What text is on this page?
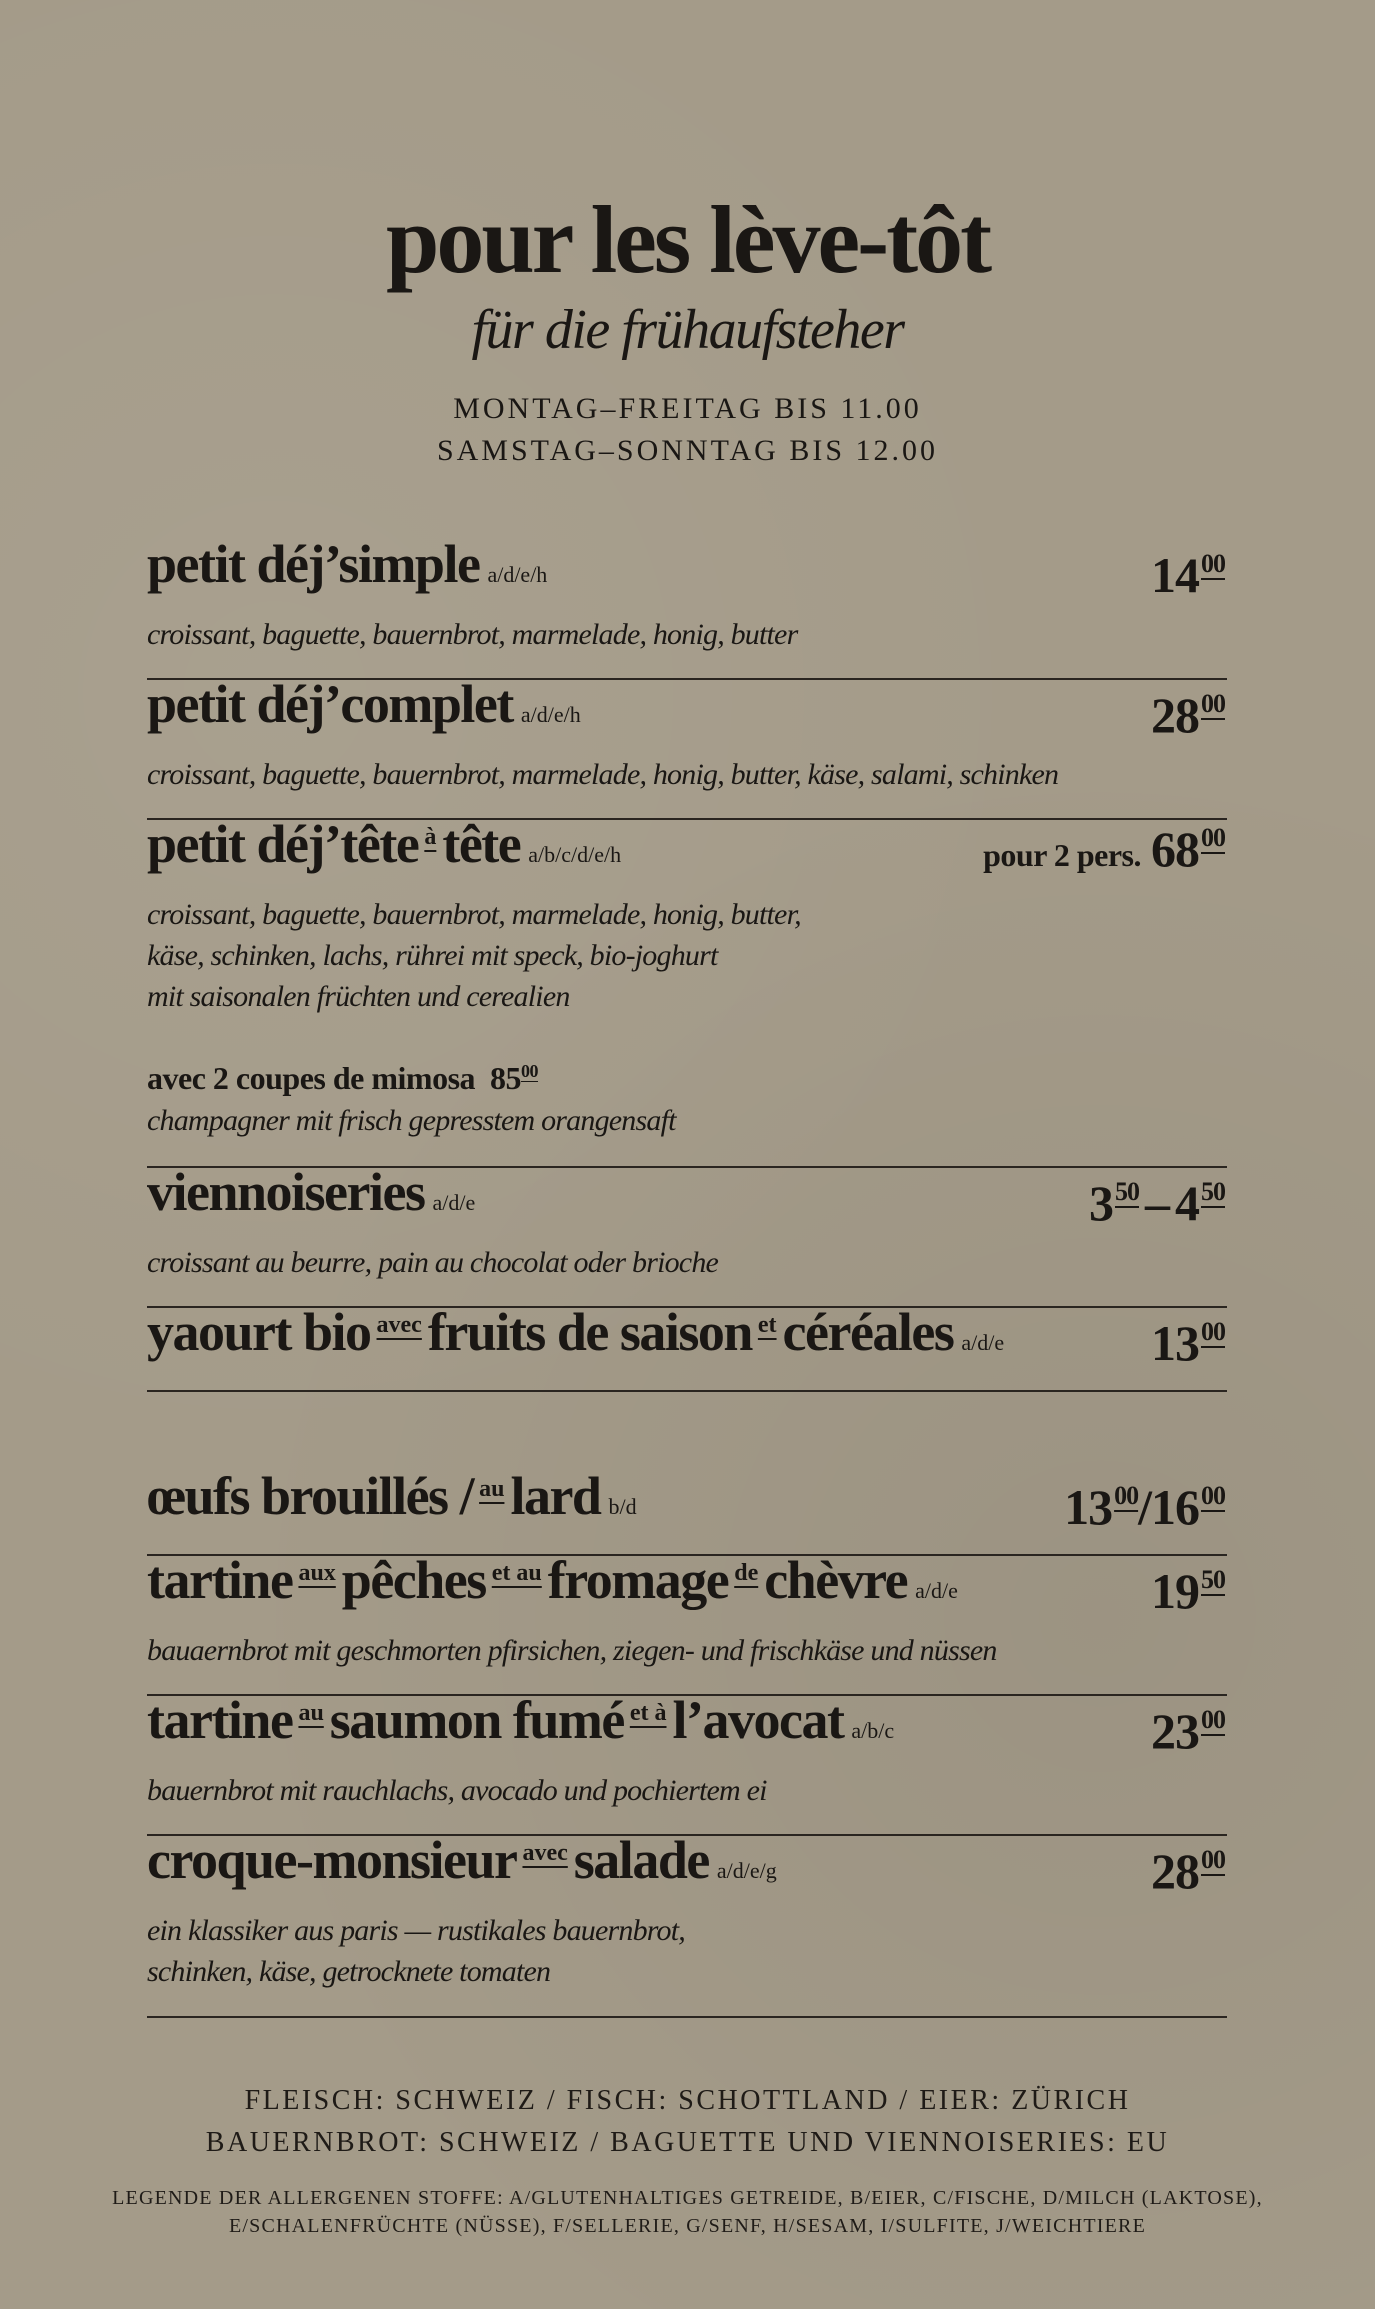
pour les lève-tôt
für die frühaufsteher
MONTAG–FREITAG BIS 11.00
SAMSTAG–SONNTAG BIS 12.00
petit déj’simple a/d/e/h	$14^{00}$
croissant, baguette, bauernbrot, marmelade, honig, butter
petit déj’complet a/d/e/h	$28^{00}$
croissant, baguette, bauernbrot, marmelade, honig, butter, käse, salami, schinken
petit déj’tête $^à$ tête a/b/c/d/e/h	pour 2 pers. $68^{00}$
croissant, baguette, bauernbrot, marmelade, honig, butter,
käse, schinken, lachs, rührei mit speck, bio-joghurt
mit saisonalen früchten und cerealien
avec 2 coupes de mimosa $85^{00}$
champagner mit frisch gepresstem orangensaft
viennoiseries a/d/e	$3^{50} - 4^{50}$
croissant au beurre, pain au chocolat oder brioche
yaourt bio $^{avec}$ fruits de saison $^{et}$ céréales a/d/e	$13^{00}$
œufs brouillés / $^{au}$ lard b/d	$13^{00}/16^{00}$
tartine $^{aux}$ pêches $^{et au}$ fromage $^{de}$ chèvre a/d/e	$19^{50}$
bauaernbrot mit geschmorten pfirsichen, ziegen- und frischkäse und nüssen
tartine $^{au}$ saumon fumé $^{et à}$ l’avocat a/b/c	$23^{00}$
bauernbrot mit rauchlachs, avocado und pochiertem ei
croque-monsieur $^{avec}$ salade a/d/e/g	$28^{00}$
ein klassiker aus paris — rustikales bauernbrot,
schinken, käse, getrocknete tomaten
FLEISCH: SCHWEIZ / FISCH: SCHOTTLAND / EIER: ZÜRICH
BAUERNBROT: SCHWEIZ / BAGUETTE UND VIENNOISERIES: EU
LEGENDE DER ALLERGENEN STOFFE: A/GLUTENHALTIGES GETREIDE, B/EIER, C/FISCHE, D/MILCH (LAKTOSE),
E/SCHALENFRÜCHTE (NÜSSE), F/SELLERIE, G/SENF, H/SESAM, I/SULFITE, J/WEICHTIERE
